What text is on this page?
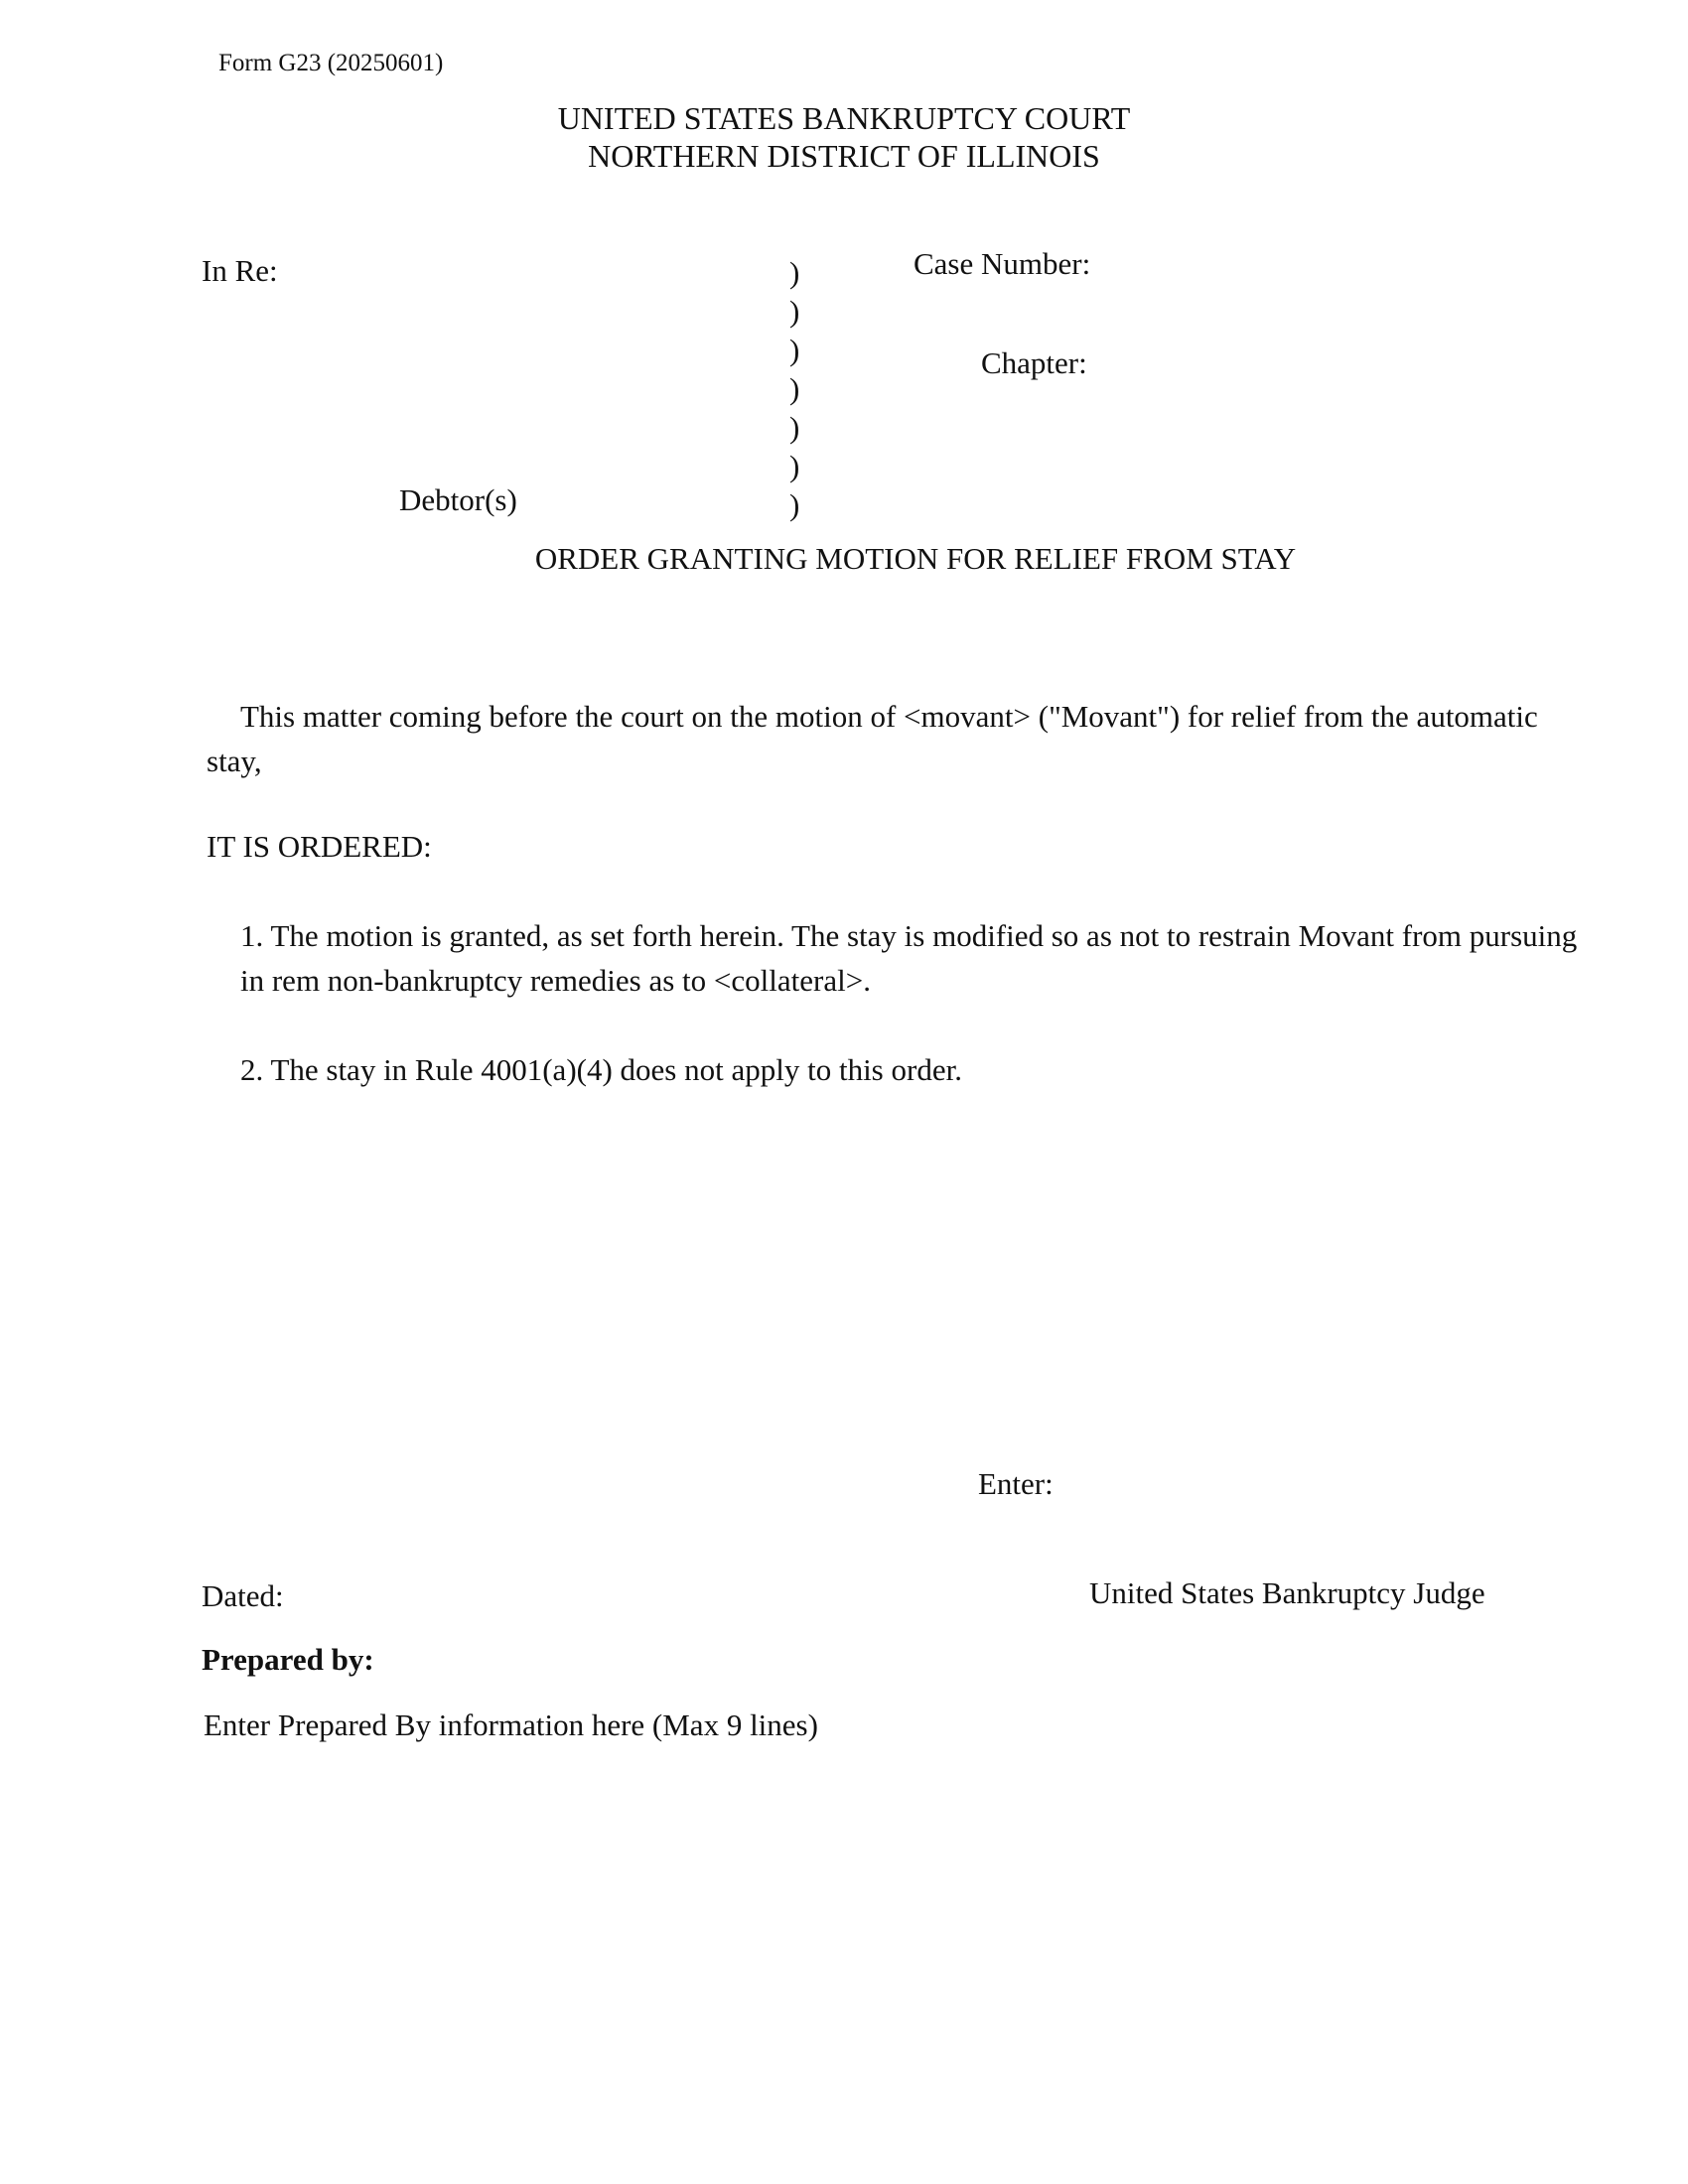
Form G23 (20250601)
UNITED STATES BANKRUPTCY COURT
NORTHERN DISTRICT OF ILLINOIS
In Re:	)
)
)
)
)
)
)
Debtor(s)
Case Number:
Chapter:
ORDER GRANTING MOTION FOR RELIEF FROM STAY
This matter coming before the court on the motion of <movant> ("Movant") for relief from the automatic stay,
IT IS ORDERED:
1. The motion is granted, as set forth herein. The stay is modified so as not to restrain Movant from pursuing in rem non-bankruptcy remedies as to <collateral>.
2. The stay in Rule 4001(a)(4) does not apply to this order.
Enter:
Dated:	United States Bankruptcy Judge
Prepared by:
Enter Prepared By information here (Max 9 lines)
